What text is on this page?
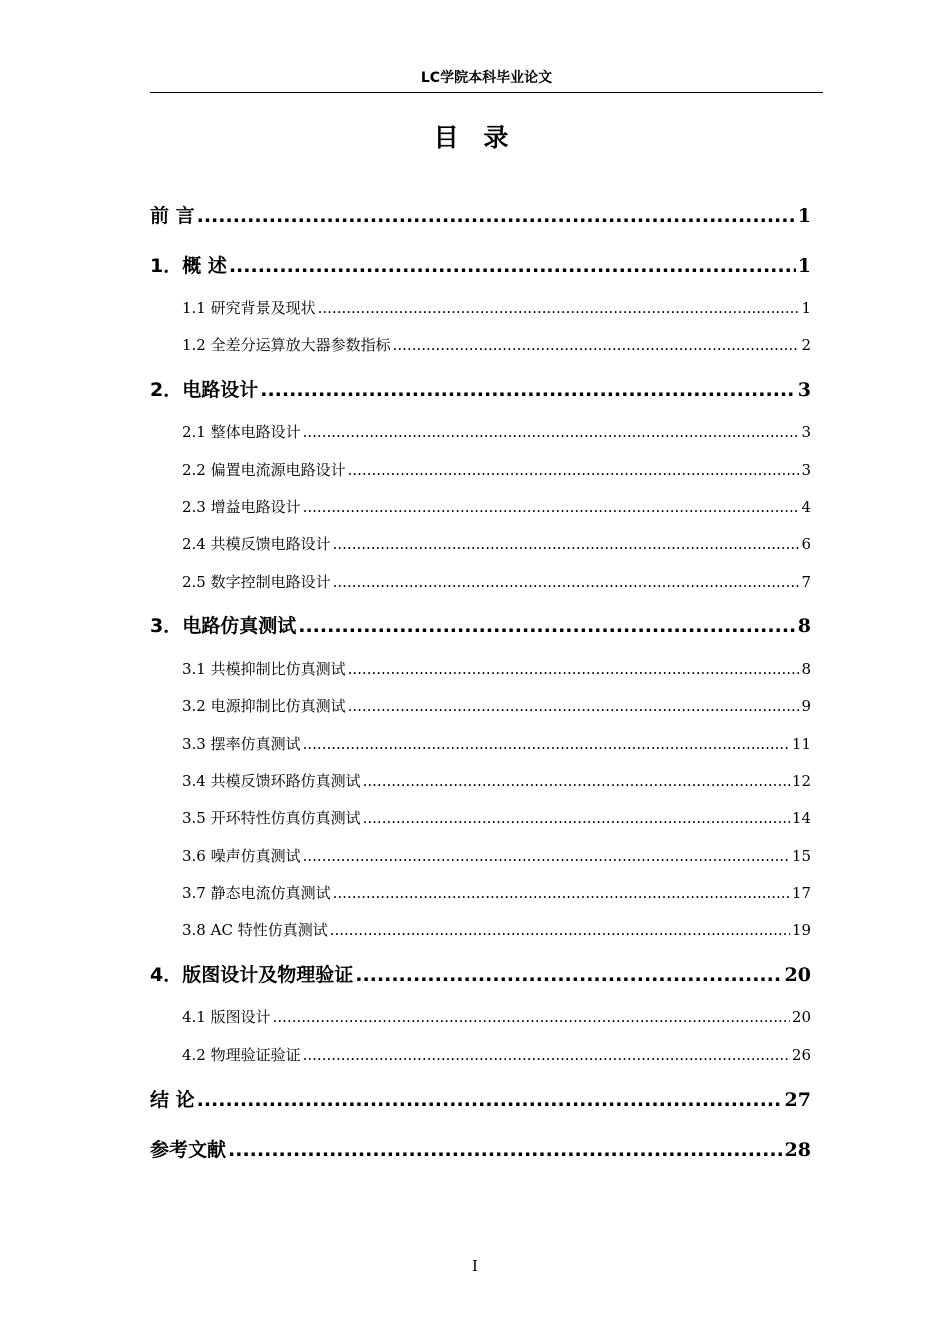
LC学院本科毕业论文
目 录
前 言 .....	1
1．概 述 .....	1
1.1 研究背景及现状 .....	1
1.2 全差分运算放大器参数指标 .....	2
2．电路设计 .....	3
2.1 整体电路设计 .....	3
2.2 偏置电流源电路设计 .....	3
2.3 增益电路设计 .....	4
2.4 共模反馈电路设计 .....	6
2.5 数字控制电路设计 .....	7
3．电路仿真测试 .....	8
3.1 共模抑制比仿真测试 .....	8
3.2 电源抑制比仿真测试 .....	9
3.3 摆率仿真测试 .....	11
3.4 共模反馈环路仿真测试 .....	12
3.5 开环特性仿真仿真测试 .....	14
3.6 噪声仿真测试 .....	15
3.7 静态电流仿真测试 .....	17
3.8 AC 特性仿真测试 .....	19
4．版图设计及物理验证 .....	20
4.1 版图设计 .....	20
4.2 物理验证验证 .....	26
结 论 .....	27
参考文献 .....	28
I
